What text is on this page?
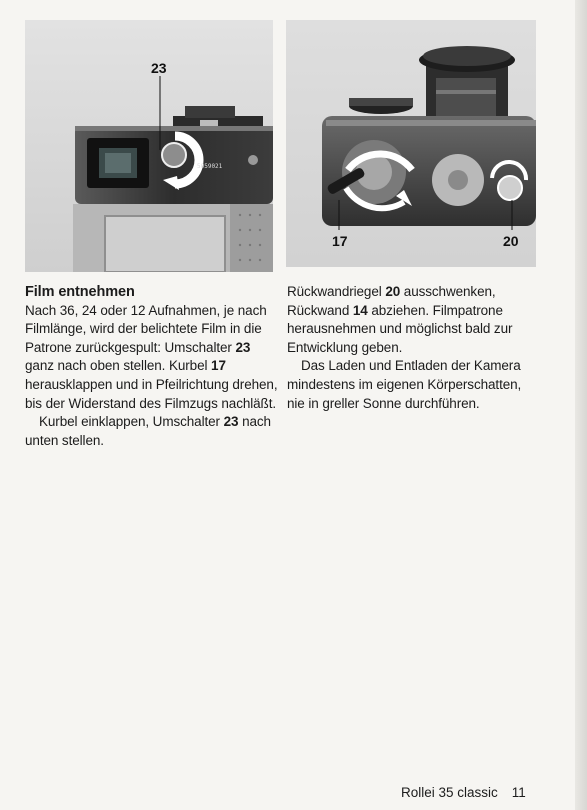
5059021
23
17	20
Film entnehmen

Nach 36, 24 oder 12 Aufnahmen, je nach Filmlänge, wird der belichtete Film in die Patrone zurückgespult: Umschalter 23 ganz nach oben stellen. Kurbel 17 herausklappen und in Pfeilrichtung drehen, bis der Widerstand des Filmzugs nachläßt.

Kurbel einklappen, Umschalter 23 nach unten stellen.

Rückwandriegel 20 ausschwenken, Rückwand 14 abziehen. Filmpatrone herausnehmen und möglichst bald zur Entwicklung geben.

Das Laden und Entladen der Kamera mindestens im eigenen Körperschatten, nie in greller Sonne durchführen.

Rollei 35 classic 11
